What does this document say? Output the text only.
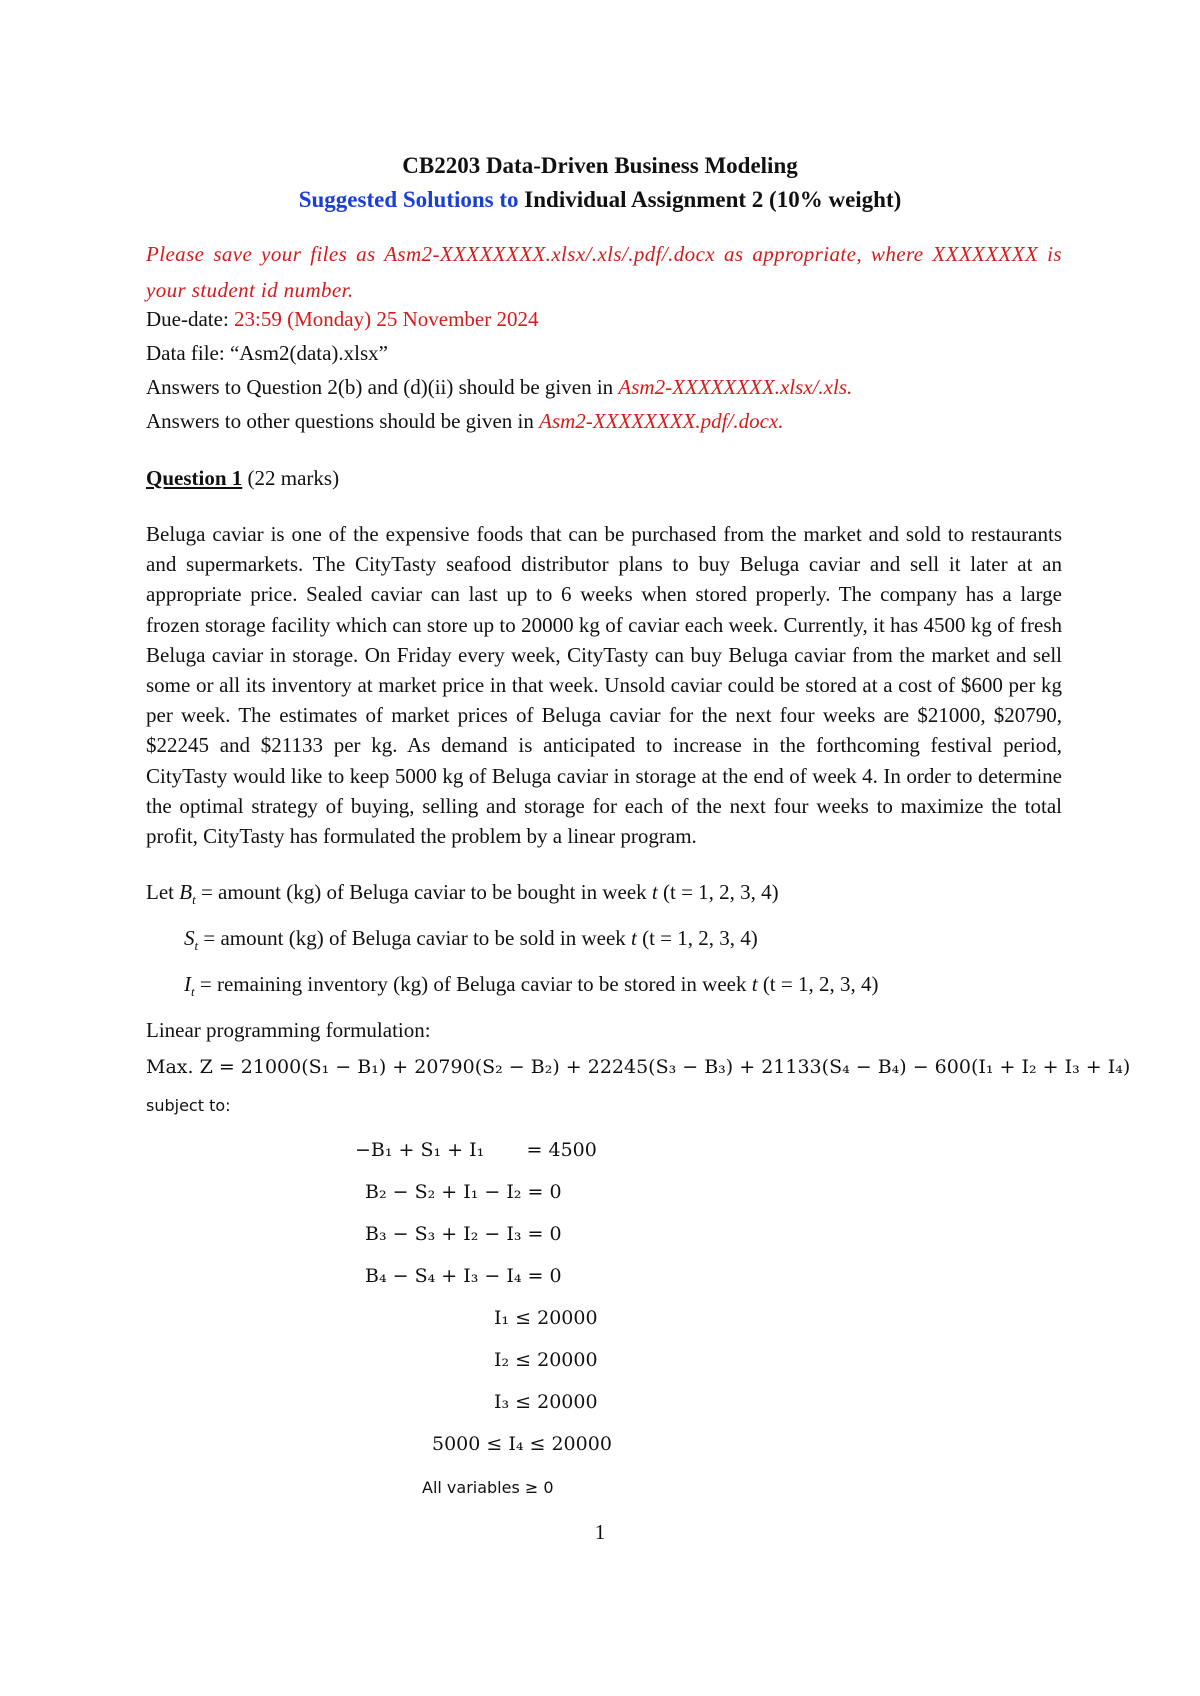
CB2203 Data-Driven Business Modeling
Suggested Solutions to Individual Assignment 2 (10% weight)
Please save your files as Asm2-XXXXXXXX.xlsx/.xls/.pdf/.docx as appropriate, where XXXXXXXX is your student id number.
Due-date: 23:59 (Monday) 25 November 2024
Data file: “Asm2(data).xlsx”
Answers to Question 2(b) and (d)(ii) should be given in Asm2-XXXXXXXX.xlsx/.xls.
Answers to other questions should be given in Asm2-XXXXXXXX.pdf/.docx.
Question 1 (22 marks)
Beluga caviar is one of the expensive foods that can be purchased from the market and sold to restaurants and supermarkets. The CityTasty seafood distributor plans to buy Beluga caviar and sell it later at an appropriate price. Sealed caviar can last up to 6 weeks when stored properly. The company has a large frozen storage facility which can store up to 20000 kg of caviar each week. Currently, it has 4500 kg of fresh Beluga caviar in storage. On Friday every week, CityTasty can buy Beluga caviar from the market and sell some or all its inventory at market price in that week. Unsold caviar could be stored at a cost of $600 per kg per week. The estimates of market prices of Beluga caviar for the next four weeks are $21000, $20790, $22245 and $21133 per kg. As demand is anticipated to increase in the forthcoming festival period, CityTasty would like to keep 5000 kg of Beluga caviar in storage at the end of week 4. In order to determine the optimal strategy of buying, selling and storage for each of the next four weeks to maximize the total profit, CityTasty has formulated the problem by a linear program.
Let $B_t$ = amount (kg) of Beluga caviar to be bought in week t (t = 1, 2, 3, 4)
$S_t$ = amount (kg) of Beluga caviar to be sold in week t (t = 1, 2, 3, 4)
$I_t$ = remaining inventory (kg) of Beluga caviar to be stored in week t (t = 1, 2, 3, 4)
Linear programming formulation:
Max. Z = 21000(S₁ − B₁) + 20790(S₂ − B₂) + 22245(S₃ − B₃) + 21133(S₄ − B₄) − 600(I₁ + I₂ + I₃ + I₄)
subject to:
−B₁ + S₁ + I₁       = 4500
B₂ − S₂ + I₁ − I₂ = 0
B₃ − S₃ + I₂ − I₃ = 0
B₄ − S₄ + I₃ − I₄ = 0
I₁ ≤ 20000
I₂ ≤ 20000
I₃ ≤ 20000
5000 ≤ I₄ ≤ 20000
All variables ≥ 0
1
